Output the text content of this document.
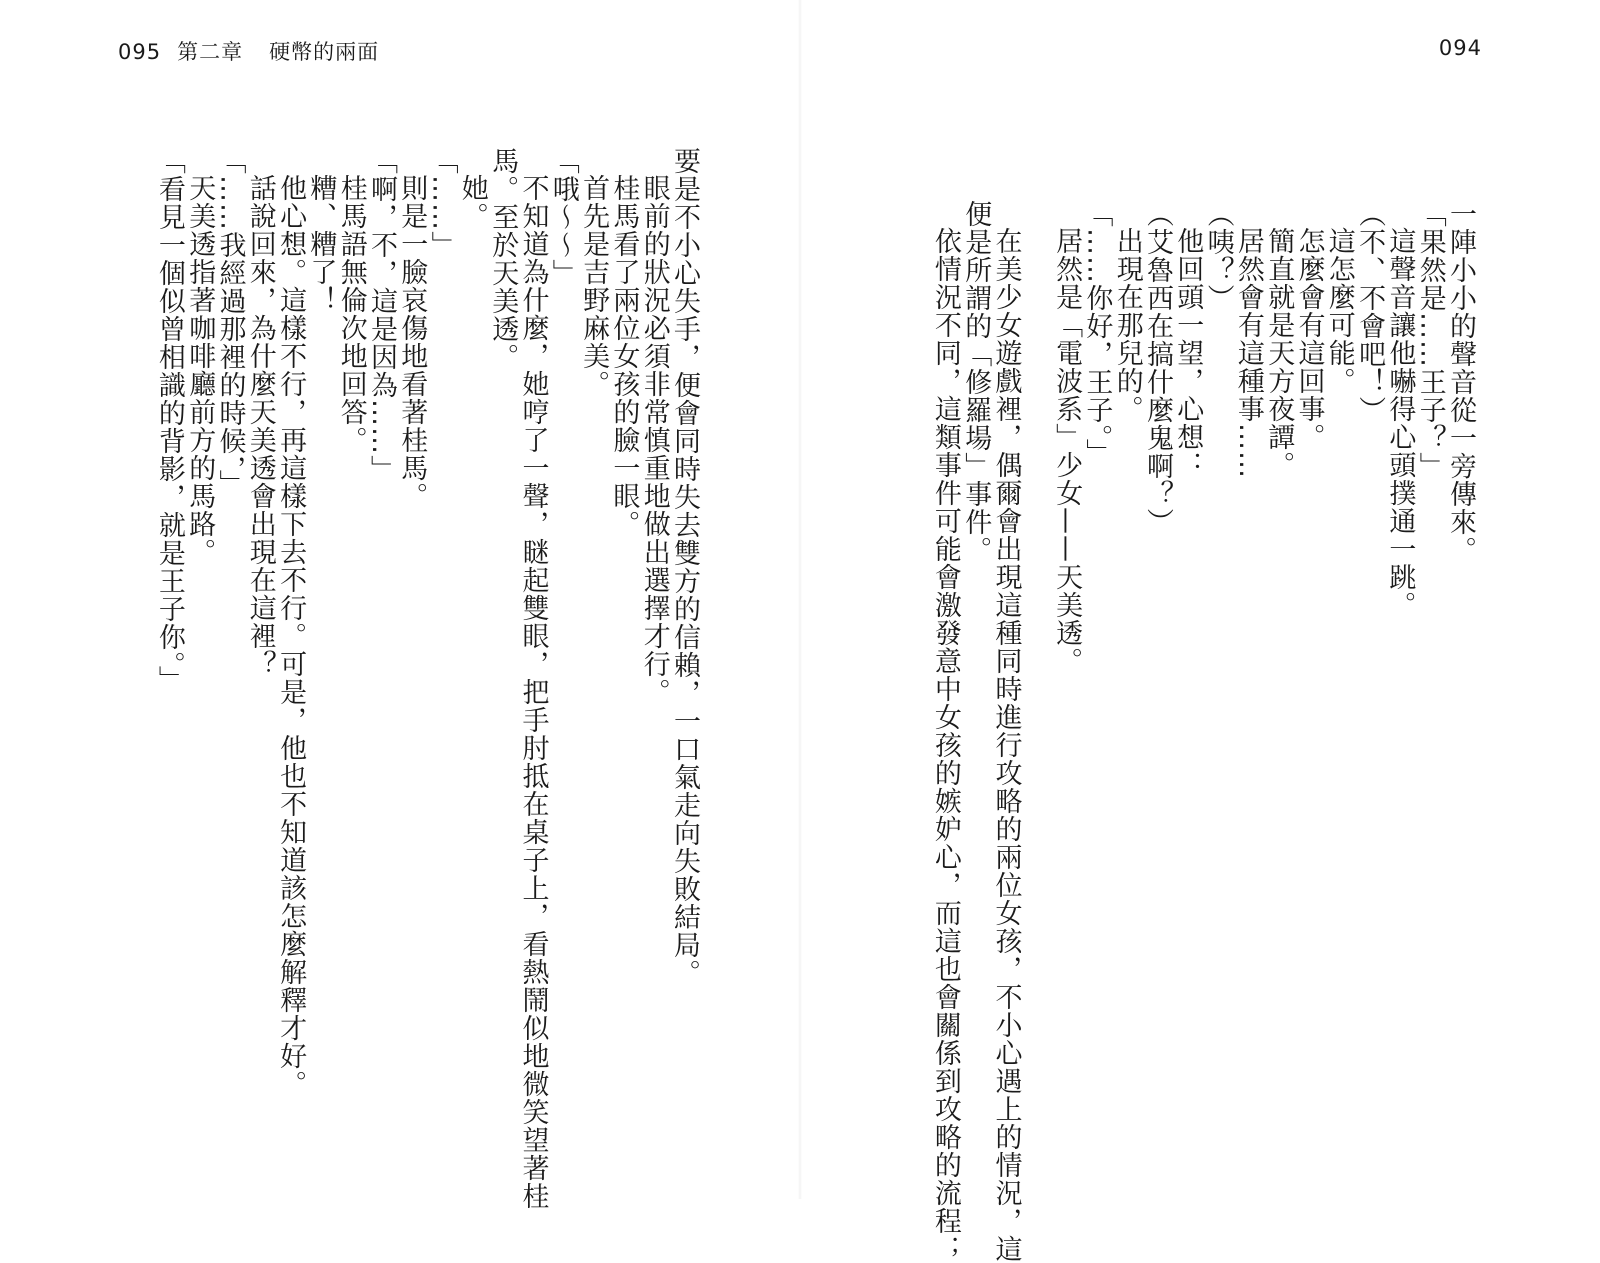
095 第二章 硬幣的兩面	094
一陣小小的聲音從一旁傳來。
「果然是……王子？」
這聲音讓他嚇得心頭撲通一跳。
（不、不會吧！）
這怎麼可能。
怎麼會有這回事。
簡直就是天方夜譚。
居然會有這種事……
（咦？）
他回頭一望，心想：
（艾魯西在搞什麼鬼啊？）
出現在那兒的。
「……你好，王子。」
居然是「電波系」少女——天美透。
在美少女遊戲裡，偶爾會出現這種同時進行攻略的兩位女孩，不小心遇上的情況，這
便是所謂的「修羅場」事件。
依情況不同，這類事件可能會激發意中女孩的嫉妒心，而這也會關係到攻略的流程；
要是不小心失手，便會同時失去雙方的信賴，一口氣走向失敗結局。
眼前的狀況必須非常慎重地做出選擇才行。
桂馬看了兩位女孩的臉一眼。
首先是吉野麻美。
「哦～～」
不知道為什麼，她哼了一聲，瞇起雙眼，把手肘抵在桌子上，看熱鬧似地微笑望著桂
馬。至於天美透。
她。
「……」
則是一臉哀傷地看著桂馬。
「啊，不，這是因為……」
桂馬語無倫次地回答。
糟、糟了！
他心想。這樣不行，再這樣下去不行。可是，他也不知道該怎麼解釋才好。
話說回來，為什麼天美透會出現在這裡？
「……我經過那裡的時候，」
天美透指著咖啡廳前方的馬路。
「看見一個似曾相識的背影，就是王子你。」
